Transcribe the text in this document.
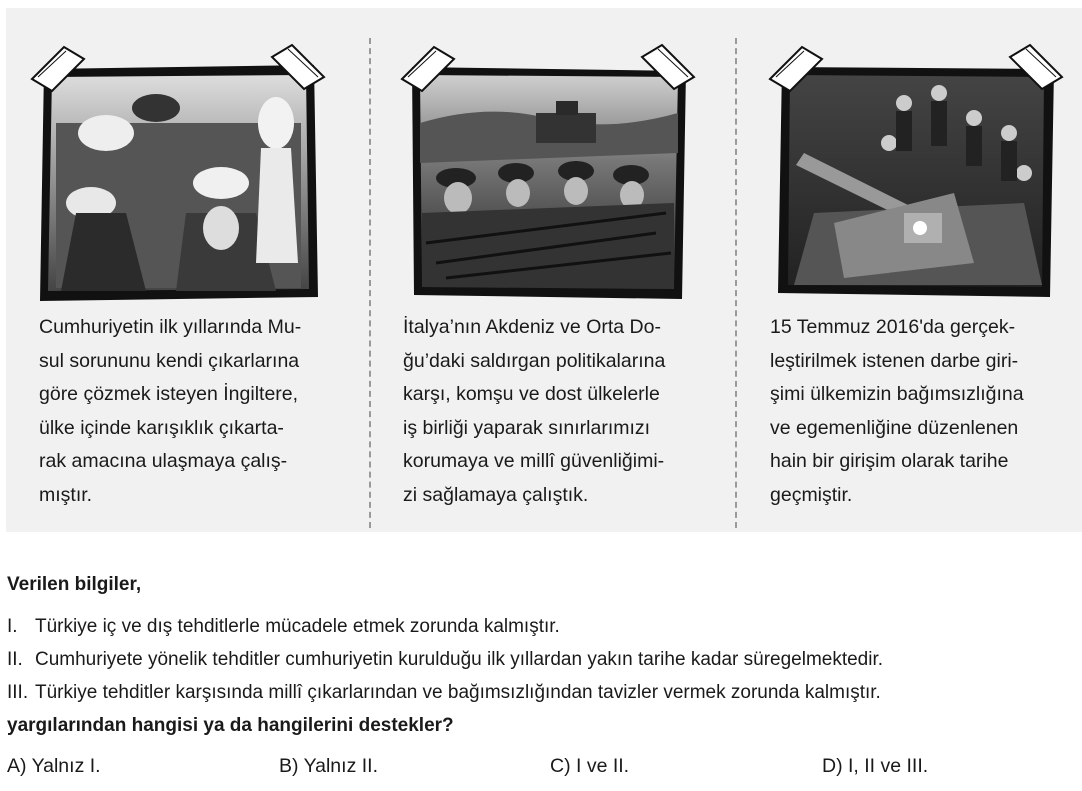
Cumhuriyetin ilk yıllarında Mu-
sul sorununu kendi çıkarlarına
göre çözmek isteyen İngiltere,
ülke içinde karışıklık çıkarta-
rak amacına ulaşmaya çalış-
mıştır.
İtalya’nın Akdeniz ve Orta Do-
ğu’daki saldırgan politikalarına
karşı, komşu ve dost ülkelerle
iş birliği yaparak sınırlarımızı
korumaya ve millî güvenliğimi-
zi sağlamaya çalıştık.
15 Temmuz 2016'da gerçek-
leştirilmek istenen darbe giri-
şimi ülkemizin bağımsızlığına
ve egemenliğine düzenlenen
hain bir girişim olarak tarihe
geçmiştir.
Verilen bilgiler,
I. Türkiye iç ve dış tehditlerle mücadele etmek zorunda kalmıştır.
II. Cumhuriyete yönelik tehditler cumhuriyetin kurulduğu ilk yıllardan yakın tarihe kadar süregelmektedir.
III. Türkiye tehditler karşısında millî çıkarlarından ve bağımsızlığından tavizler vermek zorunda kalmıştır.
yargılarından hangisi ya da hangilerini destekler?
A) Yalnız I.	B) Yalnız II.	C) I ve II.	D) I, II ve III.
